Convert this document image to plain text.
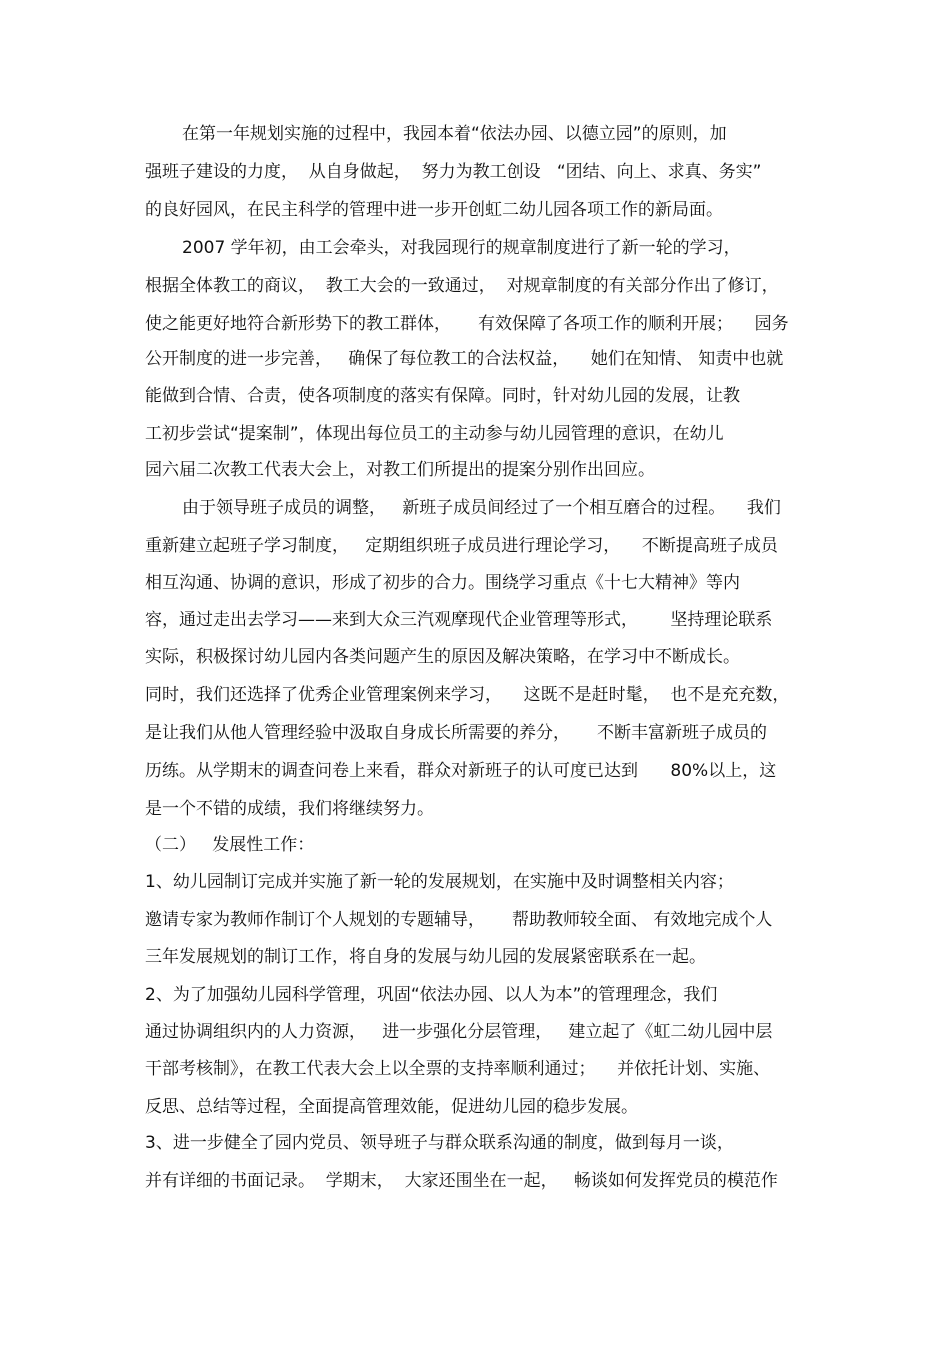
在第一年规划实施的过程中，我园本着“依法办园、以德立园”的原则，加
强班子建设的力度，  从自身做起，  努力为教工创设   “团结、向上、求真、务实”
的良好园风，在民主科学的管理中进一步开创虹二幼儿园各项工作的新局面。
2007 学年初，由工会牵头，对我园现行的规章制度进行了新一轮的学习，
根据全体教工的商议，  教工大会的一致通过，  对规章制度的有关部分作出了修订，
使之能更好地符合新形势下的教工群体，     有效保障了各项工作的顺利开展；    园务
公开制度的进一步完善，   确保了每位教工的合法权益，    她们在知情、 知责中也就
能做到合情、合责，使各项制度的落实有保障。同时，针对幼儿园的发展，让教
工初步尝试“提案制”，体现出每位员工的主动参与幼儿园管理的意识，在幼儿
园六届二次教工代表大会上，对教工们所提出的提案分别作出回应。
由于领导班子成员的调整，   新班子成员间经过了一个相互磨合的过程。    我们
重新建立起班子学习制度，   定期组织班子成员进行理论学习，    不断提高班子成员
相互沟通、协调的意识，形成了初步的合力。围绕学习重点《十七大精神》等内
容，通过走出去学习——来到大众三汽观摩现代企业管理等形式，      坚持理论联系
实际，积极探讨幼儿园内各类问题产生的原因及解决策略，在学习中不断成长。
同时，我们还选择了优秀企业管理案例来学习，    这既不是赶时髦，  也不是充充数，
是让我们从他人管理经验中汲取自身成长所需要的养分，     不断丰富新班子成员的
历练。从学期末的调查问卷上来看，群众对新班子的认可度已达到      80%以上，这
是一个不错的成绩，我们将继续努力。
（二）   发展性工作：
1、幼儿园制订完成并实施了新一轮的发展规划，在实施中及时调整相关内容；
邀请专家为教师作制订个人规划的专题辅导，     帮助教师较全面、 有效地完成个人
三年发展规划的制订工作，将自身的发展与幼儿园的发展紧密联系在一起。
2、为了加强幼儿园科学管理，巩固“依法办园、以人为本”的管理理念，我们
通过协调组织内的人力资源，   进一步强化分层管理，   建立起了《虹二幼儿园中层
干部考核制》，在教工代表大会上以全票的支持率顺利通过；    并依托计划、实施、
反思、总结等过程，全面提高管理效能，促进幼儿园的稳步发展。
3、进一步健全了园内党员、领导班子与群众联系沟通的制度，做到每月一谈，
并有详细的书面记录。  学期末，  大家还围坐在一起，   畅谈如何发挥党员的模范作
